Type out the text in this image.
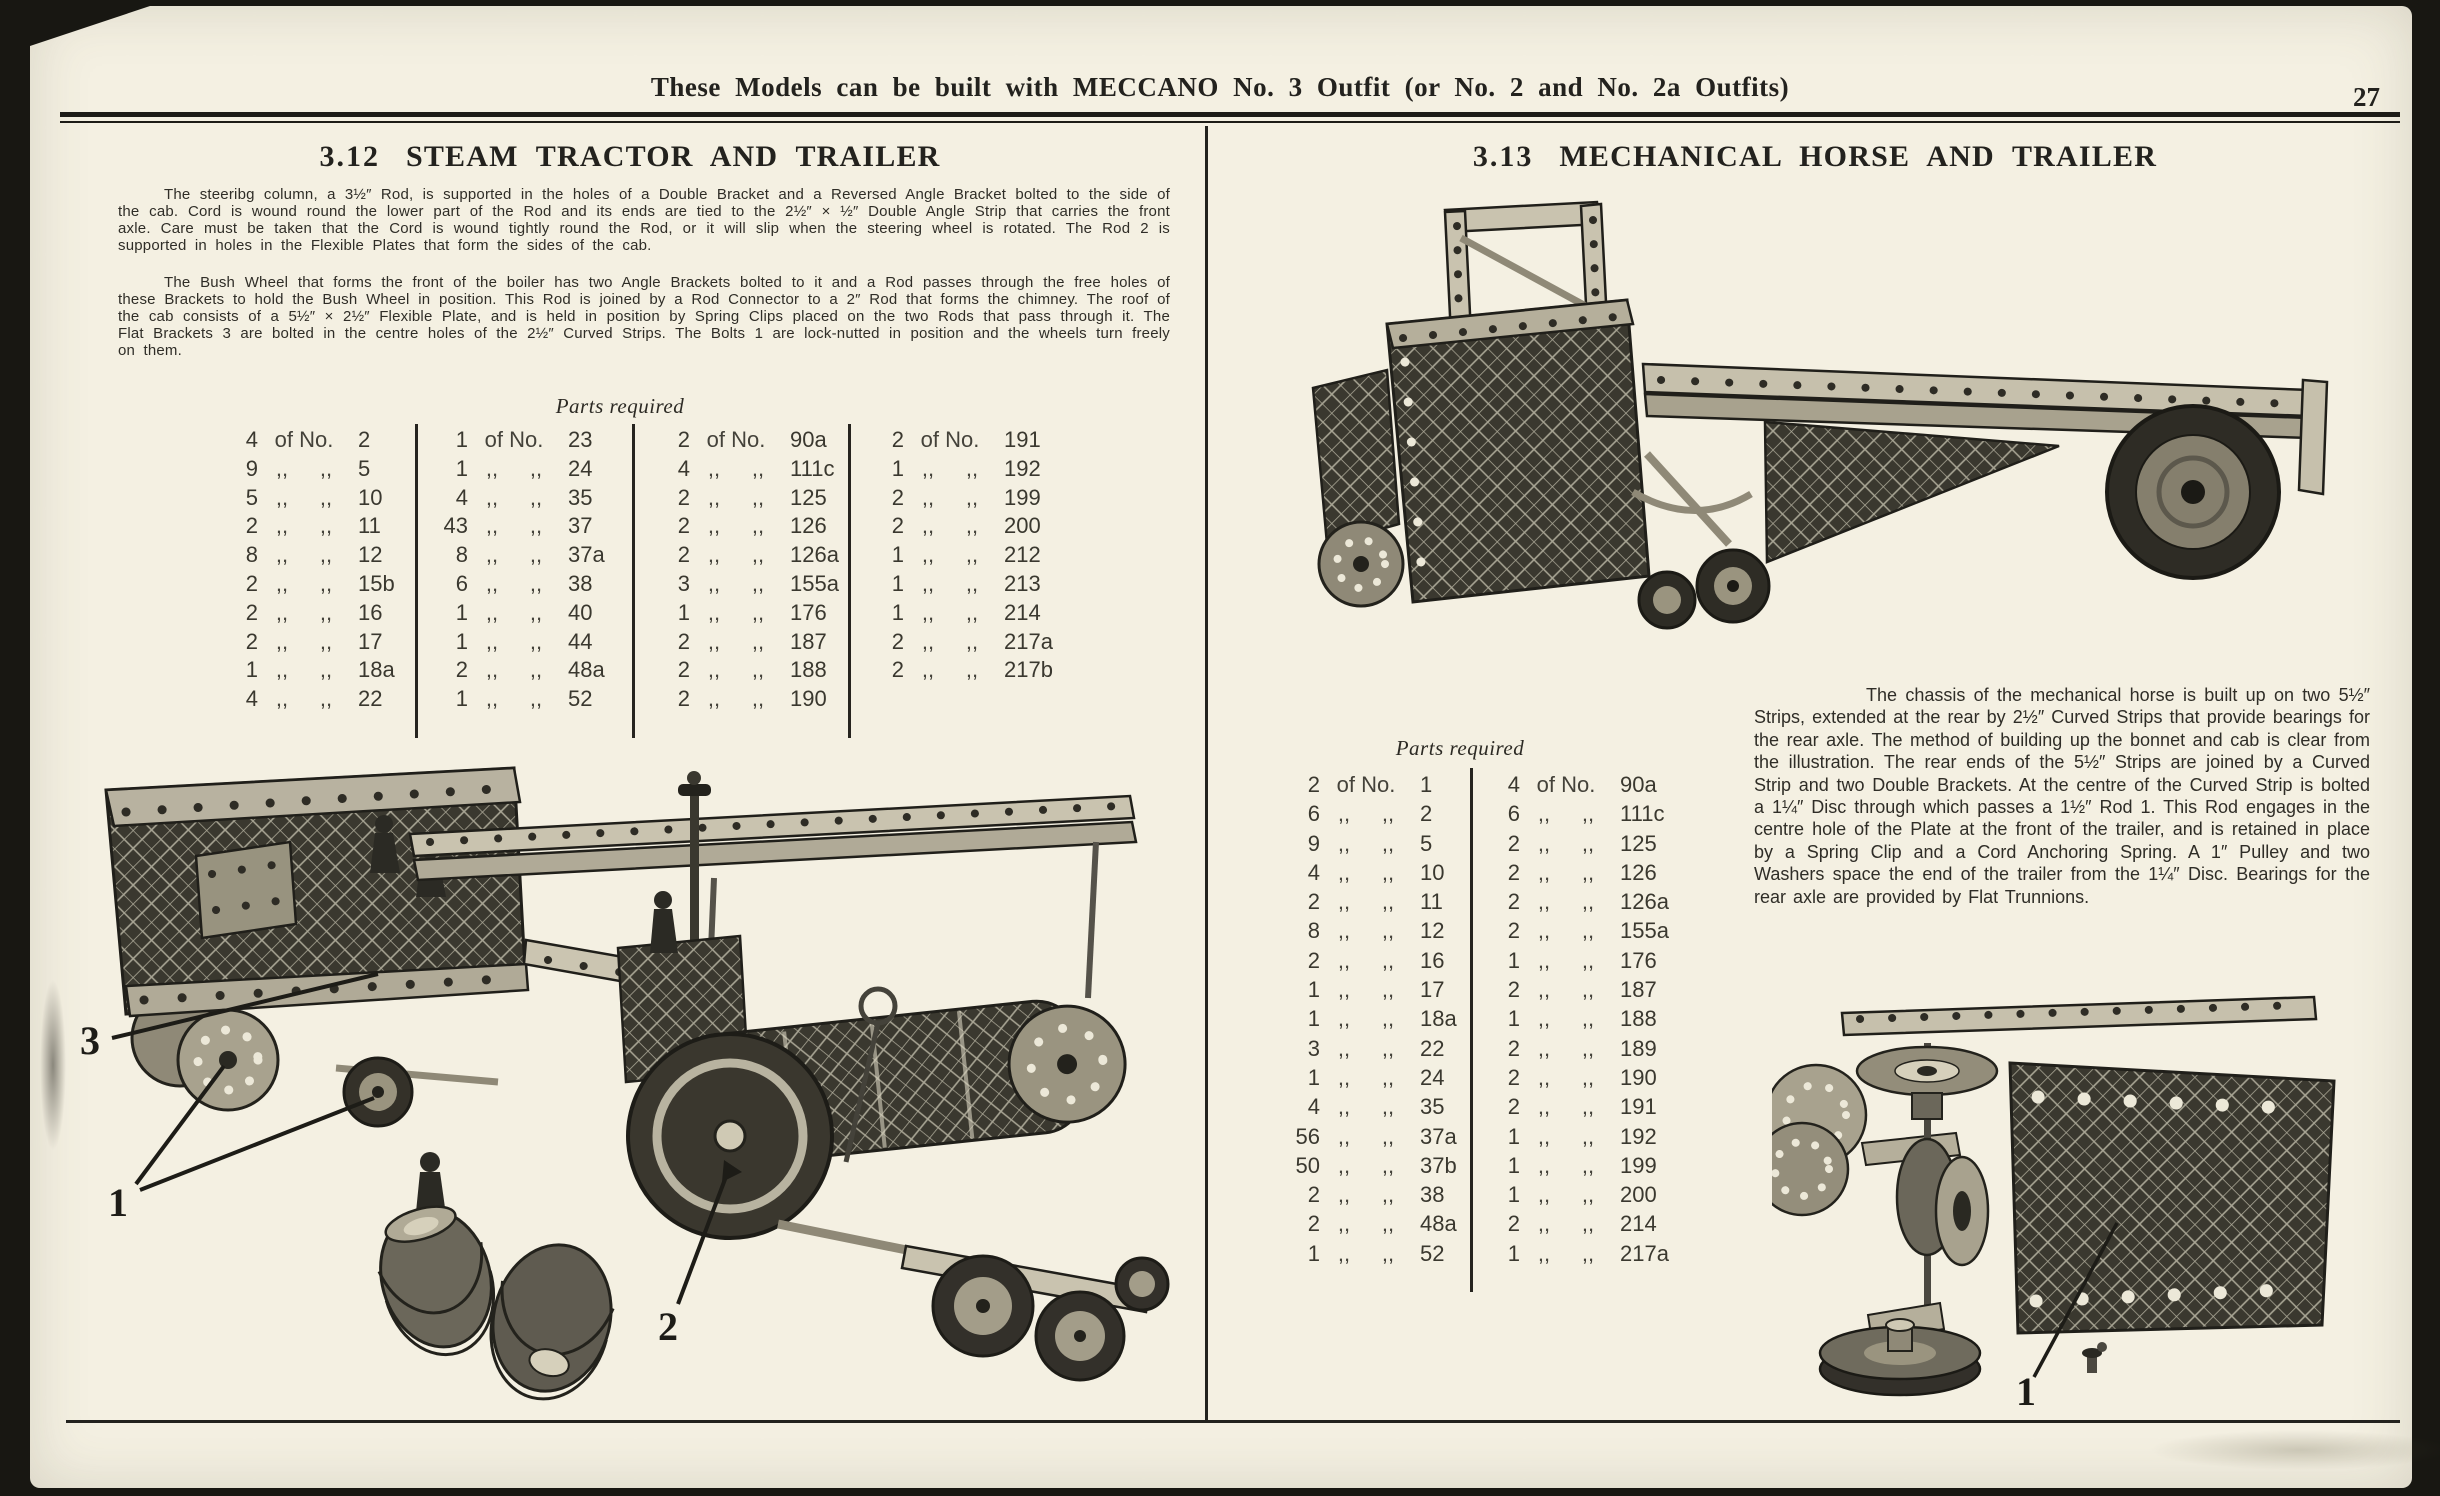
These Models can be built with MECCANO No. 3 Outfit (or No. 2 and No. 2a Outfits)	27
3.12 STEAM TRACTOR AND TRAILER
The steeribg column, a 3½″ Rod, is supported in the holes of a Double Bracket and a Reversed Angle Bracket bolted to the side of the cab. Cord is wound round the lower part of the Rod and its ends are tied to the 2½″ × ½″ Double Angle Strip that carries the front axle. Care must be taken that the Cord is wound tightly round the Rod, or it will slip when the steering wheel is rotated. The Rod 2 is supported in holes in the Flexible Plates that form the sides of the cab.
The Bush Wheel that forms the front of the boiler has two Angle Brackets bolted to it and a Rod passes through the free holes of these Brackets to hold the Bush Wheel in position. This Rod is joined by a Rod Connector to a 2″ Rod that forms the chimney. The roof of the cab consists of a 5½″ × 2½″ Flexible Plate, and is held in position by Spring Clips placed on the two Rods that pass through it. The Flat Brackets 3 are bolted in the centre holes of the 2½″ Curved Strips. The Bolts 1 are lock-nutted in position and the wheels turn freely on them.
Parts required
4 of No.	2
9 ,,	,,	5
5 ,,	,,	10
2 ,,	,,	11
8 ,,	,,	12
2 ,,	,,	15b
2 ,,	,,	16
2 ,,	,,	17
1 ,,	,,	18a
4 ,,	,,	22
1 of No.	23
1 ,,	,,	24
4 ,,	,,	35
43 ,,	,,	37
8 ,,	,,	37a
6 ,,	,,	38
1 ,,	,,	40
1 ,,	,,	44
2 ,,	,,	48a
1 ,,	,,	52
2 of No.	90a
4 ,,	,,	111c
2 ,,	,,	125
2 ,,	,,	126
2 ,,	,,	126a
3 ,,	,,	155a
1 ,,	,,	176
2 ,,	,,	187
2 ,,	,,	188
2 ,,	,,	190
2 of No.	191
1 ,,	,,	192
2 ,,	,,	199
2 ,,	,,	200
1 ,,	,,	212
1 ,,	,,	213
1 ,,	,,	214
2 ,,	,,	217a
2 ,,	,,	217b
3
1
2
3.13 MECHANICAL HORSE AND TRAILER
The chassis of the mechanical horse is built up on two 5½″ Strips, extended at the rear by 2½″ Curved Strips that provide bearings for the rear axle. The method of building up the bonnet and cab is clear from the illustration. The rear ends of the 5½″ Strips are joined by a Curved Strip and two Double Brackets. At the centre of the Curved Strip is bolted a 1¼″ Disc through which passes a 1½″ Rod 1. This Rod engages in the centre hole of the Plate at the front of the trailer, and is retained in place by a Spring Clip and a Cord Anchoring Spring. A 1″ Pulley and two Washers space the end of the trailer from the 1¼″ Disc. Bearings for the rear axle are provided by Flat Trunnions.
Parts required
2 of No.	1
6 ,,	,,	2
9 ,,	,,	5
4 ,,	,,	10
2 ,,	,,	11
8 ,,	,,	12
2 ,,	,,	16
1 ,,	,,	17
1 ,,	,,	18a
3 ,,	,,	22
1 ,,	,,	24
4 ,,	,,	35
56 ,,	,,	37a
50 ,,	,,	37b
2 ,,	,,	38
2 ,,	,,	48a
1 ,,	,,	52
4 of No.	90a
6 ,,	,,	111c
2 ,,	,,	125
2 ,,	,,	126
2 ,,	,,	126a
2 ,,	,,	155a
1 ,,	,,	176
2 ,,	,,	187
1 ,,	,,	188
2 ,,	,,	189
2 ,,	,,	190
2 ,,	,,	191
1 ,,	,,	192
1 ,,	,,	199
1 ,,	,,	200
2 ,,	,,	214
1 ,,	,,	217a
1
